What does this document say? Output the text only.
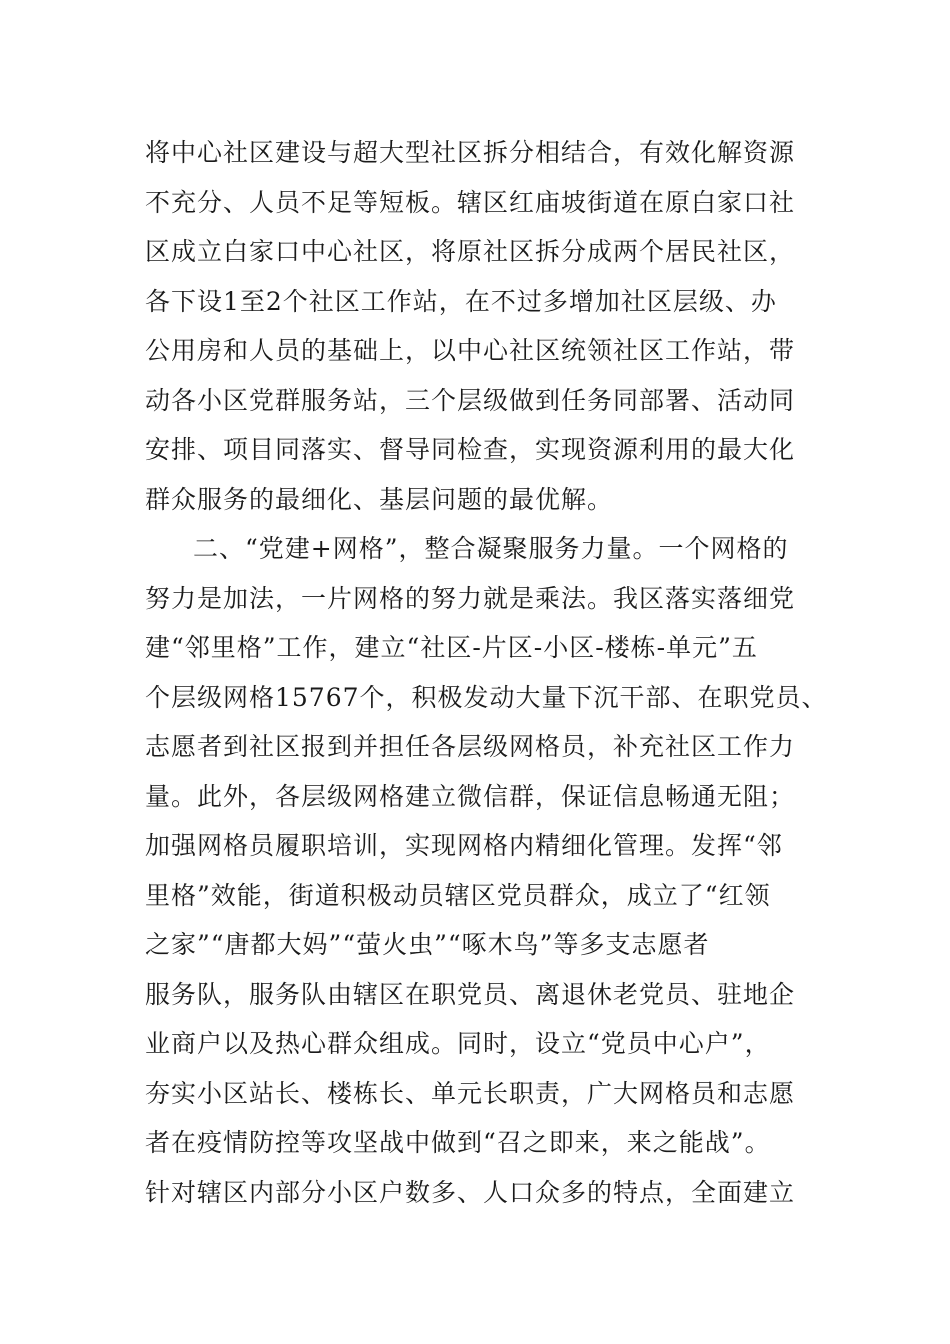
将中心社区建设与超大型社区拆分相结合，有效化解资源
不充分、人员不足等短板。辖区红庙坡街道在原白家口社
区成立白家口中心社区，将原社区拆分成两个居民社区，
各下设1至2个社区工作站，在不过多增加社区层级、办
公用房和人员的基础上，以中心社区统领社区工作站，带
动各小区党群服务站，三个层级做到任务同部署、活动同
安排、项目同落实、督导同检查，实现资源利用的最大化
群众服务的最细化、基层问题的最优解。
二、“党建+网格”，整合凝聚服务力量。一个网格的
努力是加法，一片网格的努力就是乘法。我区落实落细党
建“邻里格”工作，建立“社区-片区-小区-楼栋-单元”五
个层级网格15767个，积极发动大量下沉干部、在职党员、
志愿者到社区报到并担任各层级网格员，补充社区工作力
量。此外，各层级网格建立微信群，保证信息畅通无阻；
加强网格员履职培训，实现网格内精细化管理。发挥“邻
里格”效能，街道积极动员辖区党员群众，成立了“红领
之家”“唐都大妈”“萤火虫”“啄木鸟”等多支志愿者
服务队，服务队由辖区在职党员、离退休老党员、驻地企
业商户以及热心群众组成。同时，设立“党员中心户”，
夯实小区站长、楼栋长、单元长职责，广大网格员和志愿
者在疫情防控等攻坚战中做到“召之即来，来之能战”。
针对辖区内部分小区户数多、人口众多的特点，全面建立
